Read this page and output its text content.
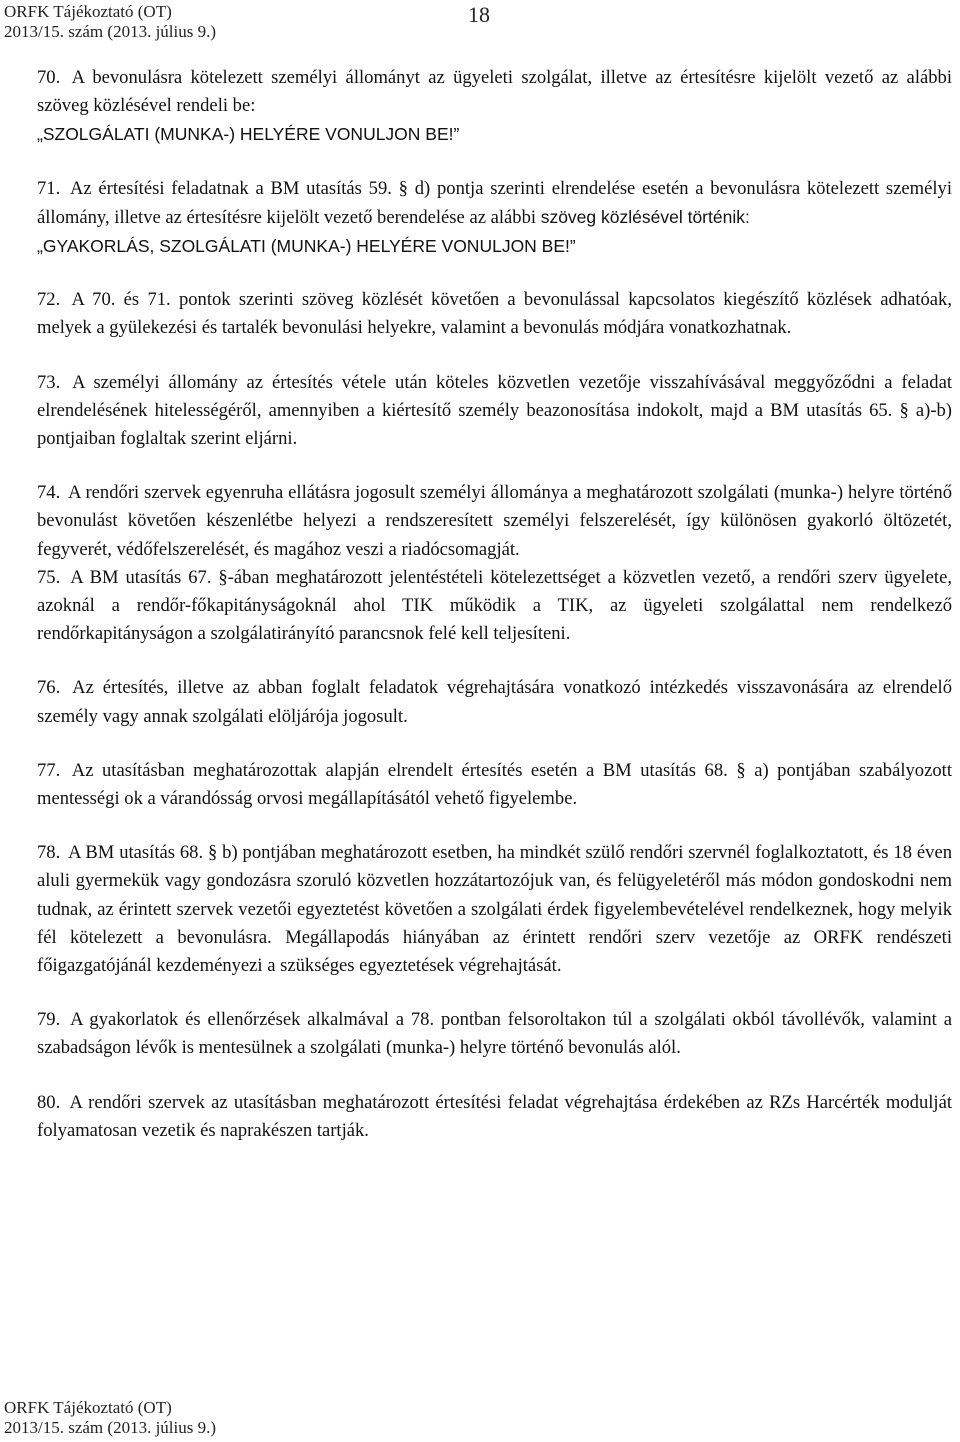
ORFK Tájékoztató (OT)
2013/15. szám (2013. július 9.)
18

70. A bevonulásra kötelezett személyi állományt az ügyeleti szolgálat, illetve az értesítésre kijelölt vezető az alábbi szöveg közlésével rendeli be:
„SZOLGÁLATI (MUNKA-) HELYÉRE VONULJON BE!”

71. Az értesítési feladatnak a BM utasítás 59. § d) pontja szerinti elrendelése esetén a bevonulásra kötelezett személyi állomány, illetve az értesítésre kijelölt vezető berendelése az alábbi szöveg közlésével történik:
„GYAKORLÁS, SZOLGÁLATI (MUNKA-) HELYÉRE VONULJON BE!”

72. A 70. és 71. pontok szerinti szöveg közlését követően a bevonulással kapcsolatos kiegészítő közlések adhatóak, melyek a gyülekezési és tartalék bevonulási helyekre, valamint a bevonulás módjára vonatkozhatnak.

73. A személyi állomány az értesítés vétele után köteles közvetlen vezetője visszahívásával meggyőződni a feladat elrendelésének hitelességéről, amennyiben a kiértesítő személy beazonosítása indokolt, majd a BM utasítás 65. § a)-b) pontjaiban foglaltak szerint eljárni.

74. A rendőri szervek egyenruha ellátásra jogosult személyi állománya a meghatározott szolgálati (munka-) helyre történő bevonulást követően készenlétbe helyezi a rendszeresített személyi felszerelését, így különösen gyakorló öltözetét, fegyverét, védőfelszerelését, és magához veszi a riadócsomagját.

75. A BM utasítás 67. §-ában meghatározott jelentéstételi kötelezettséget a közvetlen vezető, a rendőri szerv ügyelete, azoknál a rendőr-főkapitányságoknál ahol TIK működik a TIK, az ügyeleti szolgálattal nem rendelkező rendőrkapitányságon a szolgálatirányító parancsnok felé kell teljesíteni.

76. Az értesítés, illetve az abban foglalt feladatok végrehajtására vonatkozó intézkedés visszavonására az elrendelő személy vagy annak szolgálati elöljárója jogosult.

77. Az utasításban meghatározottak alapján elrendelt értesítés esetén a BM utasítás 68. § a) pontjában szabályozott mentességi ok a várandósság orvosi megállapításától vehető figyelembe.

78. A BM utasítás 68. § b) pontjában meghatározott esetben, ha mindkét szülő rendőri szervnél foglalkoztatott, és 18 éven aluli gyermekük vagy gondozásra szoruló közvetlen hozzátartozójuk van, és felügyeletéről más módon gondoskodni nem tudnak, az érintett szervek vezetői egyeztetést követően a szolgálati érdek figyelembevételével rendelkeznek, hogy melyik fél kötelezett a bevonulásra. Megállapodás hiányában az érintett rendőri szerv vezetője az ORFK rendészeti főigazgatójánál kezdeményezi a szükséges egyeztetések végrehajtását.

79. A gyakorlatok és ellenőrzések alkalmával a 78. pontban felsoroltakon túl a szolgálati okból távollévők, valamint a szabadságon lévők is mentesülnek a szolgálati (munka-) helyre történő bevonulás alól.

80. A rendőri szervek az utasításban meghatározott értesítési feladat végrehajtása érdekében az RZs Harcérték modulját folyamatosan vezetik és naprakészen tartják.

ORFK Tájékoztató (OT)
2013/15. szám (2013. július 9.)
